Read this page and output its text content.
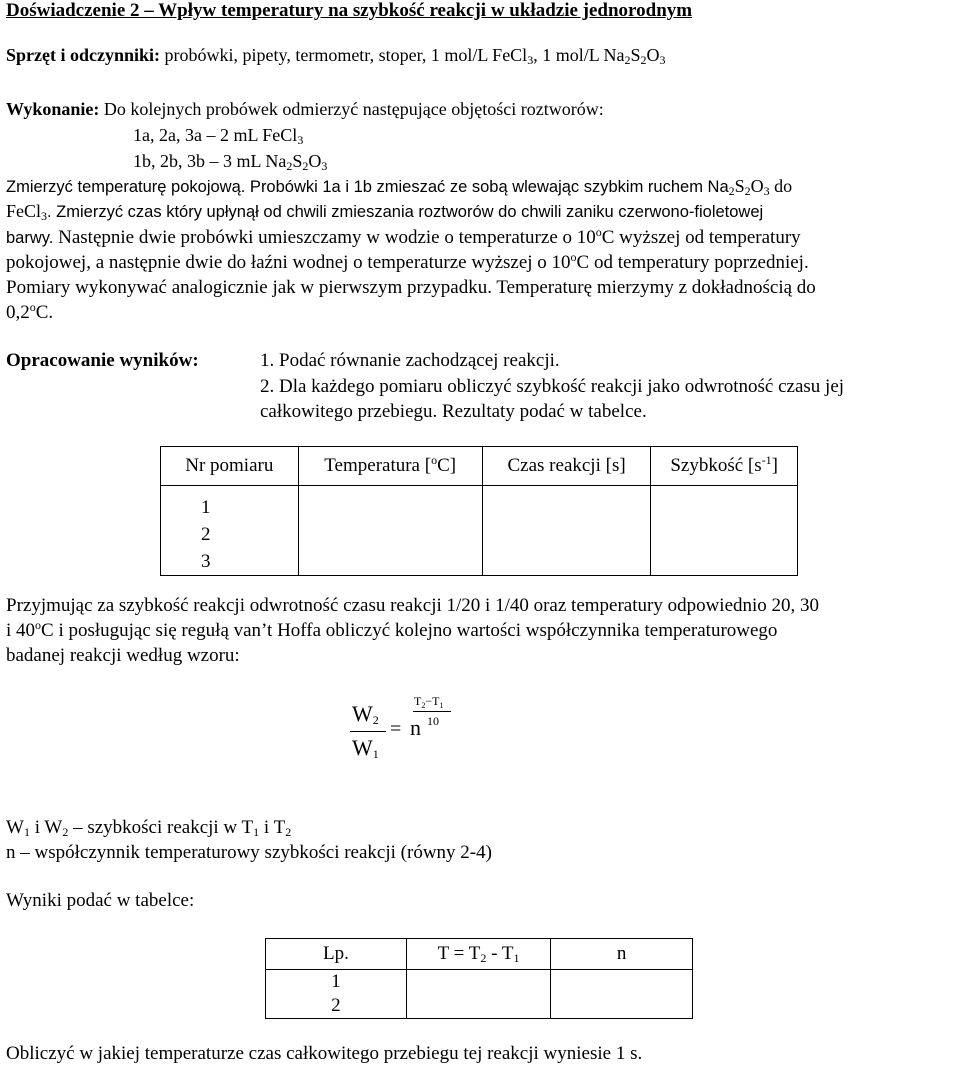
Doświadczenie 2 – Wpływ temperatury na szybkość reakcji w układzie jednorodnym
Sprzęt i odczynniki: probówki, pipety, termometr, stoper, 1 mol/L FeCl$_3$, 1 mol/L $Na_2S_2O_3$
Wykonanie: Do kolejnych probówek odmierzyć następujące objętości roztworów:
1a, 2a, 3a – 2 mL FeCl$_3$
1b, 2b, 3b – 3 mL $Na_2S_2O_3$
Zmierzyć temperaturę pokojową. Probówki 1a i 1b zmieszać ze sobą wlewając szybkim ruchem $Na_2S_2O_3$ do
FeCl$_3$. Zmierzyć czas który upłynął od chwili zmieszania roztworów do chwili zaniku czerwono-fioletowej
barwy. Następnie dwie probówki umieszczamy w wodzie o temperaturze o 10$^o$C wyższej od temperatury
pokojowej, a następnie dwie do łaźni wodnej o temperaturze wyższej o 10$^o$C od temperatury poprzedniej.
Pomiary wykonywać analogicznie jak w pierwszym przypadku. Temperaturę mierzymy z dokładnością do
0,2$^o$C.
Opracowanie wyników:	1. Podać równanie zachodzącej reakcji.
2. Dla każdego pomiaru obliczyć szybkość reakcji jako odwrotność czasu jej
całkowitego przebiegu. Rezultaty podać w tabelce.
Nr pomiaru	Temperatura [$^o$C]	Czas reakcji [s]	Szybkość $[s^{-1}]$
1			
2			
3			
Przyjmując za szybkość reakcji odwrotność czasu reakcji 1/20 i 1/40 oraz temperatury odpowiednio 20, 30
i 40$^o$C i posługując się regułą van’t Hoffa obliczyć kolejno wartości współczynnika temperaturowego
badanej reakcji według wzoru:
$W_2$
$W_1$
= n
$T_2-T_1$
10
$W_1$ i $W_2$ – szybkości reakcji w $T_1$ i $T_2$
n – współczynnik temperaturowy szybkości reakcji (równy 2-4)
Wyniki podać w tabelce:
Lp.	$T = T_2 - T_1$	n
1		
2		
Obliczyć w jakiej temperaturze czas całkowitego przebiegu tej reakcji wyniesie 1 s.
